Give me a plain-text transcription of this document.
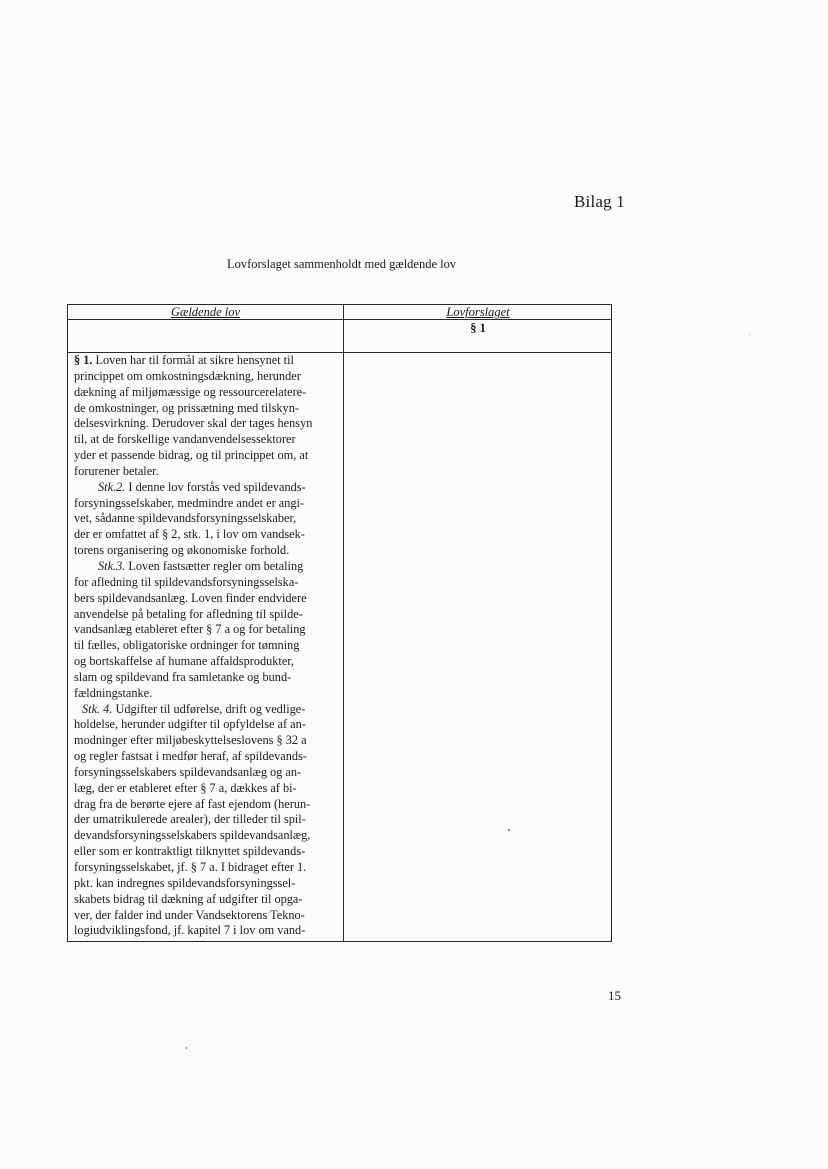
Bilag 1
Lovforslaget sammenholdt med gældende lov
Gældende lov	Lovforslaget
§ 1
§ 1. Loven har til formål at sikre hensynet til
princippet om omkostningsdækning, herunder
dækning af miljømæssige og ressourcerelatere-
de omkostninger, og prissætning med tilskyn-
delsesvirkning. Derudover skal der tages hensyn
til, at de forskellige vandanvendelsessektorer
yder et passende bidrag, og til princippet om, at
forurener betaler.
Stk.2. I denne lov forstås ved spildevands-
forsyningsselskaber, medmindre andet er angi-
vet, sådanne spildevandsforsyningsselskaber,
der er omfattet af § 2, stk. 1, i lov om vandsek-
torens organisering og økonomiske forhold.
Stk.3. Loven fastsætter regler om betaling
for afledning til spildevandsforsyningsselska-
bers spildevandsanlæg. Loven finder endvidere
anvendelse på betaling for afledning til spilde-
vandsanlæg etableret efter § 7 a og for betaling
til fælles, obligatoriske ordninger for tømning
og bortskaffelse af humane affaldsprodukter,
slam og spildevand fra samletanke og bund-
fældningstanke.
Stk. 4. Udgifter til udførelse, drift og vedlige-
holdelse, herunder udgifter til opfyldelse af an-
modninger efter miljøbeskyttelseslovens § 32 a
og regler fastsat i medfør heraf, af spildevands-
forsyningsselskabers spildevandsanlæg og an-
læg, der er etableret efter § 7 a, dækkes af bi-
drag fra de berørte ejere af fast ejendom (herun-
der umatrikulerede arealer), der tilleder til spil-
devandsforsyningsselskabers spildevandsanlæg,
eller som er kontraktligt tilknyttet spildevands-
forsyningsselskabet, jf. § 7 a. I bidraget efter 1.
pkt. kan indregnes spildevandsforsyningssel-
skabets bidrag til dækning af udgifter til opga-
ver, der falder ind under Vandsektorens Tekno-
logiudviklingsfond, jf. kapitel 7 i lov om vand-
15
